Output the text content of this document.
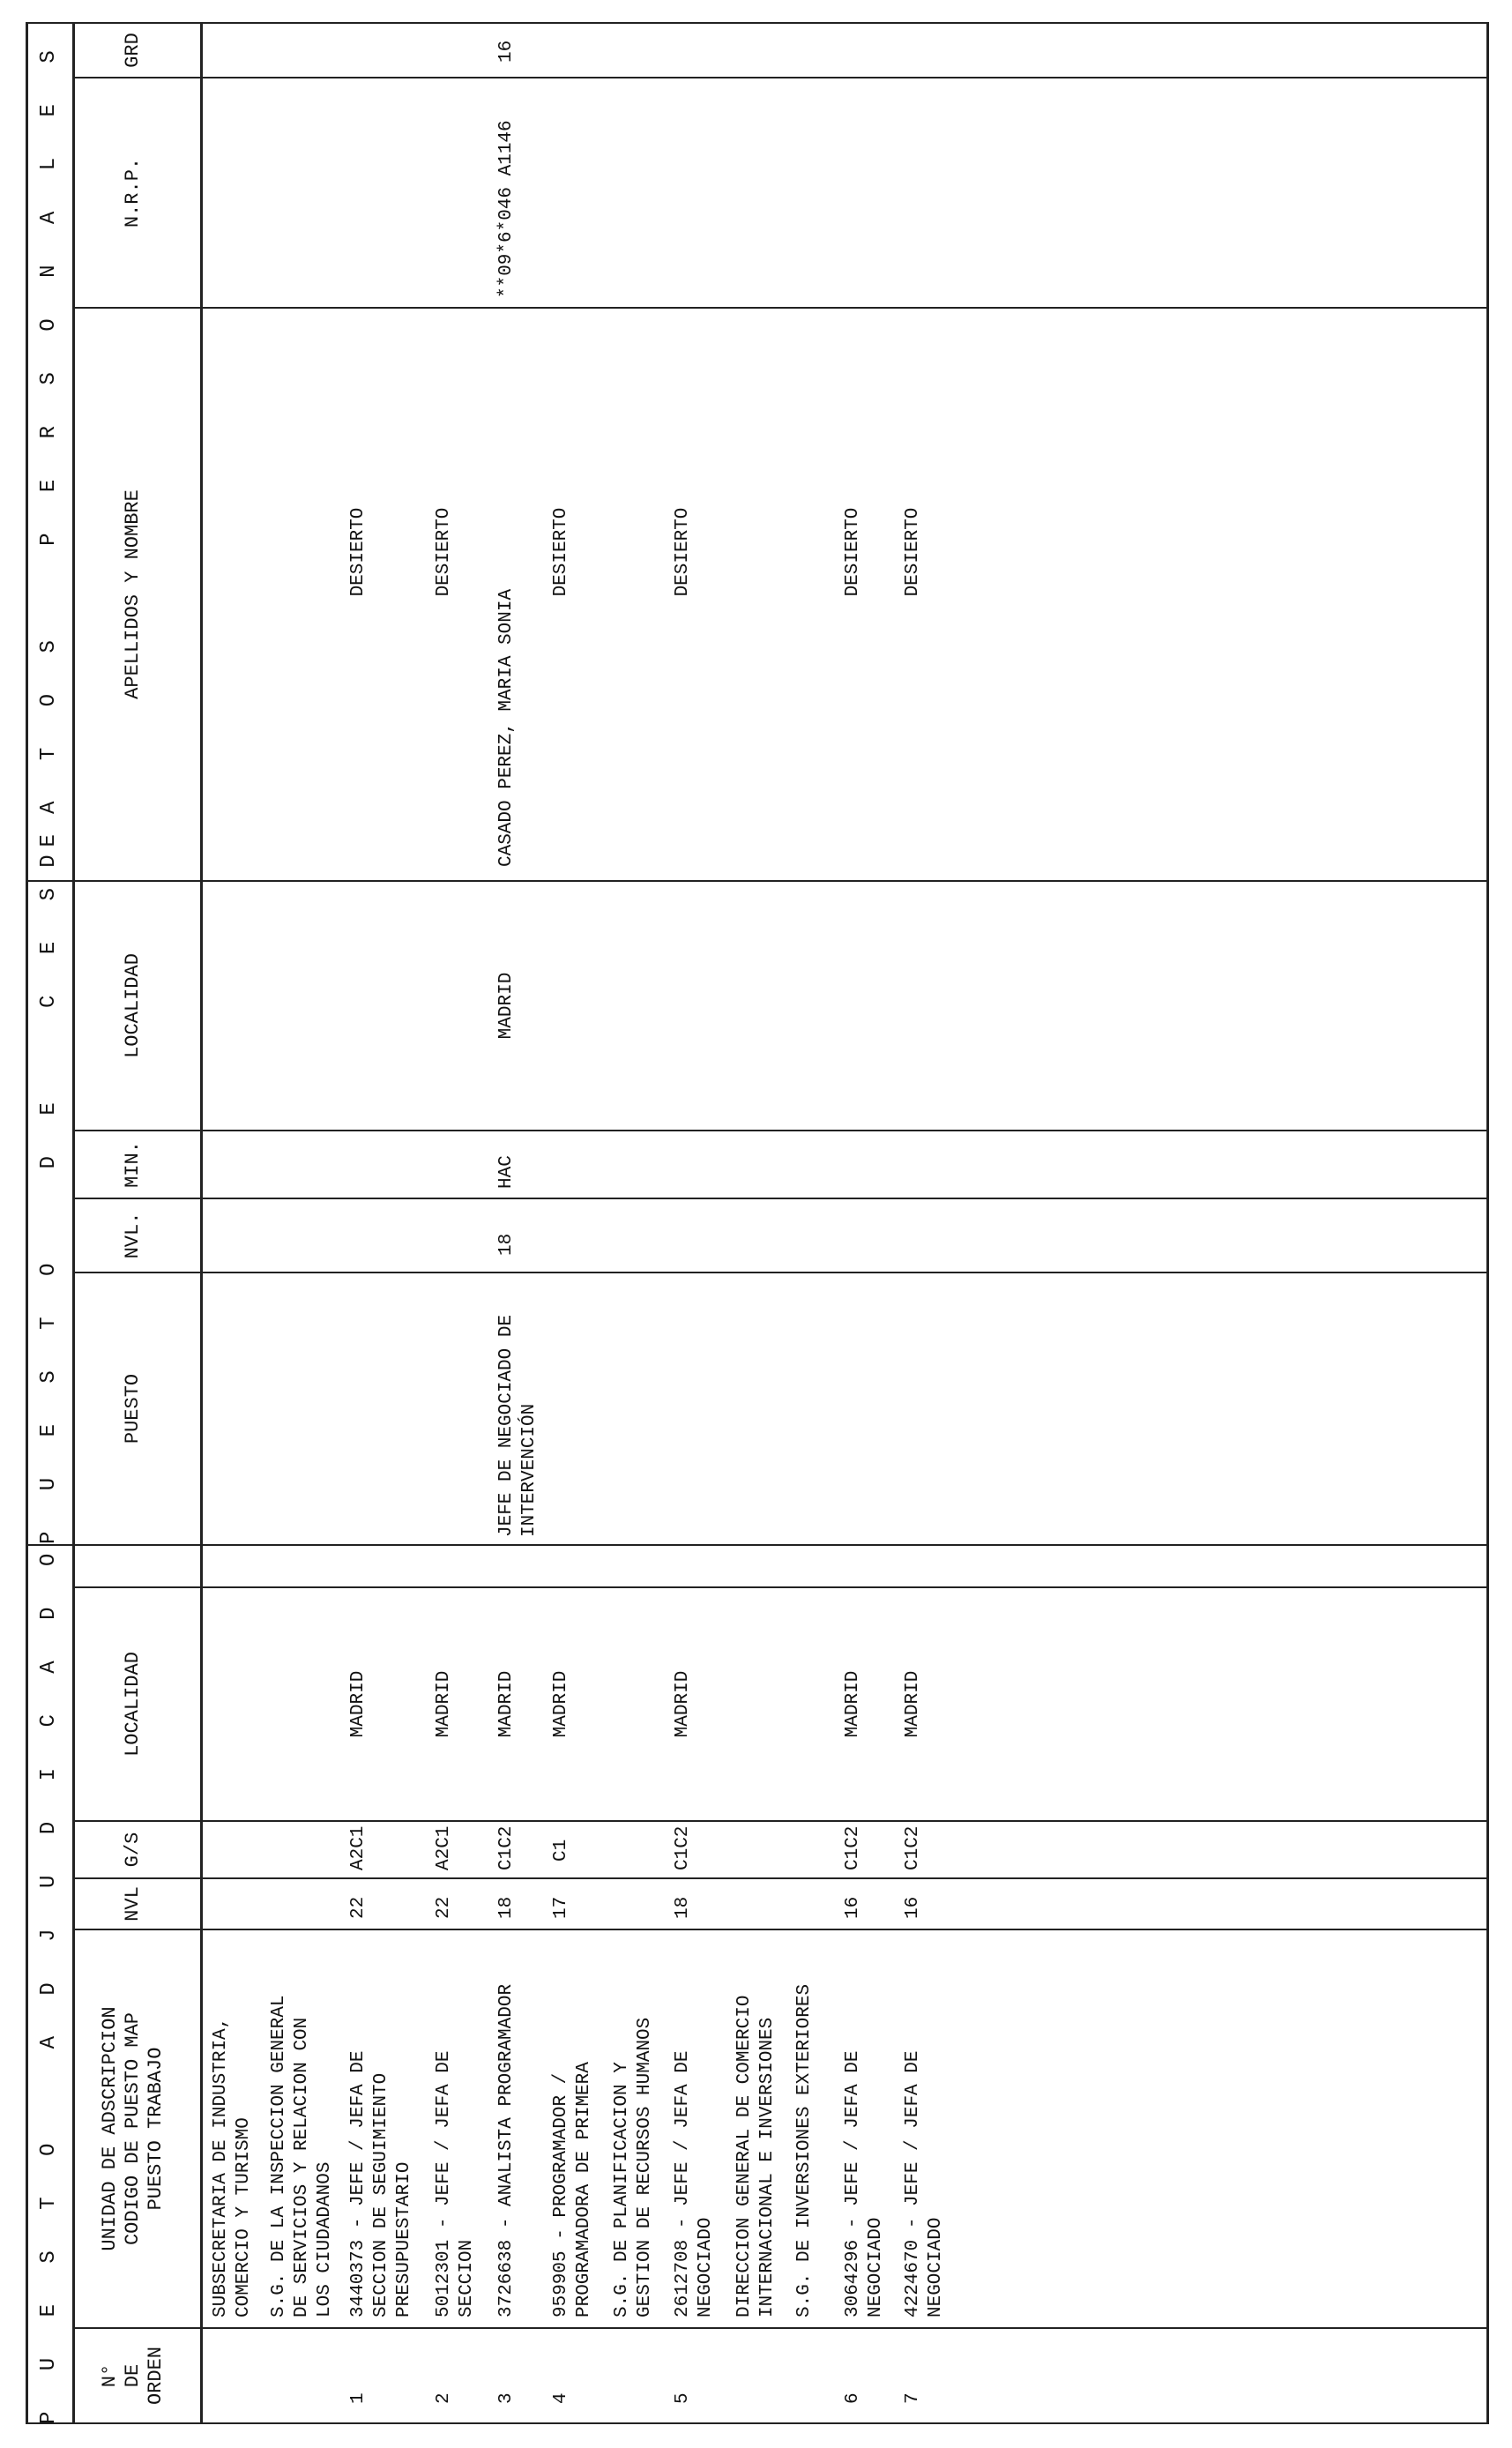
P U E S T O   A D J U D I C A D O
P U E S T O   D E   C E S E
D A T O S   P E R S O N A L E S
N°
DE
ORDEN
UNIDAD DE ADSCRIPCION
CODIGO DE PUESTO MAP
PUESTO TRABAJO
NVL
G/S
LOCALIDAD
PUESTO
NVL.
MIN.
LOCALIDAD
APELLIDOS Y NOMBRE
N.R.P.
GRD
SUBSECRETARIA DE INDUSTRIA,
COMERCIO Y TURISMO
S.G. DE LA INSPECCION GENERAL
DE SERVICIOS Y RELACION CON
LOS CIUDADANOS
S.G. DE PLANIFICACION Y
GESTION DE RECURSOS HUMANOS
DIRECCION GENERAL DE COMERCIO
INTERNACIONAL E INVERSIONES S.G. DE INVERSIONES EXTERIORES
1
3440373 - JEFE / JEFA DE
SECCION DE SEGUIMIENTO
PRESUPUESTARIO
22
A2C1
MADRID
DESIERTO
2
5012301 - JEFE / JEFA DE
SECCION
22
A2C1
MADRID
DESIERTO
3
3726638 - ANALISTA PROGRAMADOR
18
C1C2
MADRID
JEFE DE NEGOCIADO DE
INTERVENCIÓN
18
HAC
MADRID
CASADO PEREZ, MARIA SONIA
**09*6*046 A1146
16
4
959905 - PROGRAMADOR /
PROGRAMADORA DE PRIMERA
17
C1
MADRID
DESIERTO
5
2612708 - JEFE / JEFA DE
NEGOCIADO
18
C1C2
MADRID
DESIERTO
6
3064296 - JEFE / JEFA DE
NEGOCIADO
16
C1C2
MADRID
DESIERTO
7
4224670 - JEFE / JEFA DE
NEGOCIADO
16
C1C2
MADRID
DESIERTO
